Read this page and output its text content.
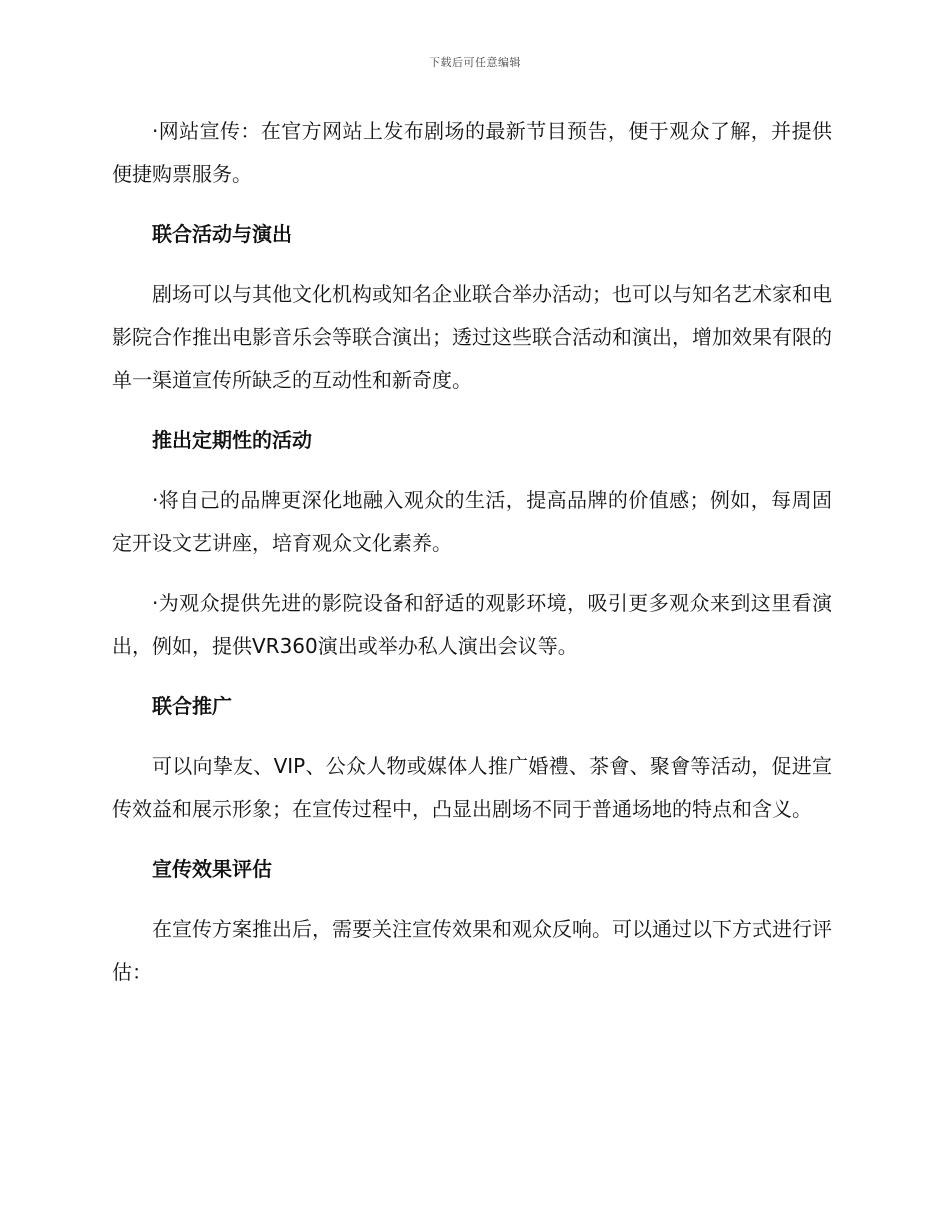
下载后可任意编辑

·网站宣传：在官方网站上发布剧场的最新节目预告，便于观众了解，并提供便捷购票服务。

联合活动与演出

剧场可以与其他文化机构或知名企业联合举办活动；也可以与知名艺术家和电影院合作推出电影音乐会等联合演出；透过这些联合活动和演出，增加效果有限的单一渠道宣传所缺乏的互动性和新奇度。

推出定期性的活动

·将自己的品牌更深化地融入观众的生活，提高品牌的价值感；例如，每周固定开设文艺讲座，培育观众文化素养。

·为观众提供先进的影院设备和舒适的观影环境，吸引更多观众来到这里看演出，例如，提供VR360演出或举办私人演出会议等。

联合推广

可以向挚友、VIP、公众人物或媒体人推广婚禮、茶會、聚會等活动，促进宣传效益和展示形象；在宣传过程中，凸显出剧场不同于普通场地的特点和含义。

宣传效果评估

在宣传方案推出后，需要关注宣传效果和观众反响。可以通过以下方式进行评估：
